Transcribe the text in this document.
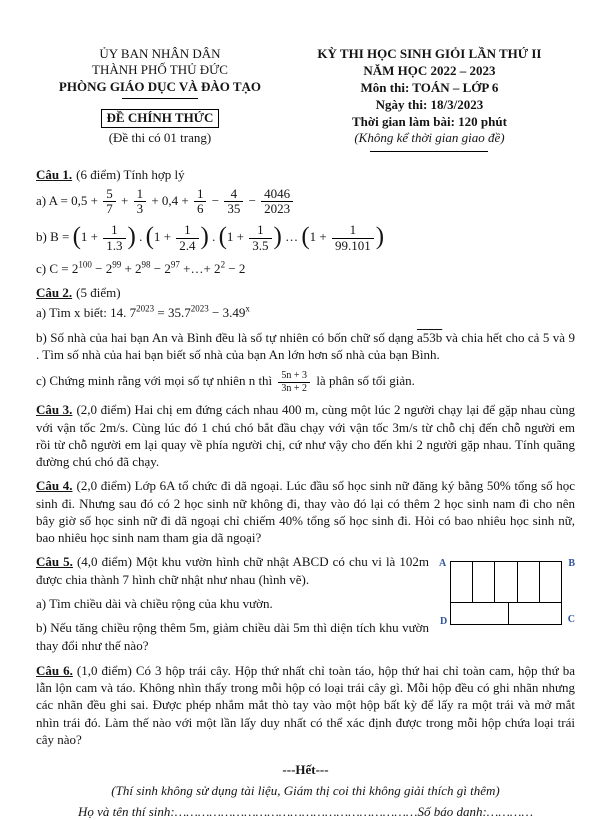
ỦY BAN NHÂN DÂN
THÀNH PHỐ THỦ ĐỨC
PHÒNG GIÁO DỤC VÀ ĐÀO TẠO
ĐỀ CHÍNH THỨC
(Đề thi có 01 trang)
KỲ THI HỌC SINH GIỎI LẦN THỨ II
NĂM HỌC 2022 – 2023
Môn thi: TOÁN – LỚP 6
Ngày thi: 18/3/2023
Thời gian làm bài: 120 phút
(Không kể thời gian giao đề)

Câu 1. (6 điểm) Tính hợp lý

a) $A = 0,5 + \frac{5}{7} + \frac{1}{3} + 0,4 + \frac{1}{6} - \frac{4}{35} - \frac{4046}{2023}$
b) $B = (1 + \frac{1}{1.3}$ ) . ($1 + \frac{1}{2.4}$ ) . ($1 + \frac{1}{3.5}$ ) … ($1 + \frac{1}{99.101}$ )
c) $C = 2^{100} - 2^{99} + 2^{98} - 2^{97}$ +…+ $2^2 - 2$

Câu 2. (5 điểm)

a) Tìm x biết: 14. $7^{2023} = 35.7^{2023} - 3.49^x$

b) Số nhà của hai bạn An và Bình đều là số tự nhiên có bốn chữ số dạng a53b và chia hết cho cả 5 và 9 . Tìm số nhà của hai bạn biết số nhà của bạn An lớn hơn số nhà của bạn Bình.

c) Chứng minh rằng với mọi số tự nhiên n thì $\frac{5n + 3}{3n + 2}$ là phân số tối giản.

Câu 3. (2,0 điểm) Hai chị em đứng cách nhau 400 m, cùng một lúc 2 người chạy lại để gặp nhau cùng với vận tốc 2m/s. Cùng lúc đó 1 chú chó bắt đầu chạy với vận tốc 3m/s từ chỗ chị đến chỗ người em rồi từ chỗ người em lại quay về phía người chị, cứ như vậy cho đến khi 2 người gặp nhau. Tính quãng đường chú chó đã chạy.

Câu 4. (2,0 điểm) Lớp 6A tổ chức đi dã ngoại. Lúc đầu số học sinh nữ đăng ký bằng 50% tổng số học sinh đi. Nhưng sau đó có 2 học sinh nữ không đi, thay vào đó lại có thêm 2 học sinh nam đi cho nên bây giờ số học sinh nữ đi dã ngoại chỉ chiếm 40% tổng số học sinh đi. Hỏi có bao nhiêu học sinh nữ, bao nhiêu học sinh nam tham gia dã ngoại?

A	B
D	C

Câu 5. (4,0 điểm) Một khu vườn hình chữ nhật ABCD có chu vi là 102m được chia thành 7 hình chữ nhật như nhau (hình vẽ).

a) Tìm chiều dài và chiều rộng của khu vườn.

b) Nếu tăng chiều rộng thêm 5m, giảm chiều dài 5m thì diện tích khu vườn thay đổi như thế nào?

Câu 6. (1,0 điểm) Có 3 hộp trái cây. Hộp thứ nhất chỉ toàn táo, hộp thứ hai chỉ toàn cam, hộp thứ ba lẫn lộn cam và táo. Không nhìn thấy trong mỗi hộp có loại trái cây gì. Mỗi hộp đều có ghi nhãn nhưng các nhãn đều ghi sai. Được phép nhắm mắt thò tay vào một hộp bất kỳ để lấy ra một trái và mở mắt nhìn trái đó. Làm thế nào với một lần lấy duy nhất có thể xác định được trong mỗi hộp chứa loại trái cây nào?

---Hết---

(Thí sinh không sử dụng tài liệu, Giám thị coi thi không giải thích gì thêm)

Họ và tên thí sinh:………………………………………………………Số báo danh:…………
